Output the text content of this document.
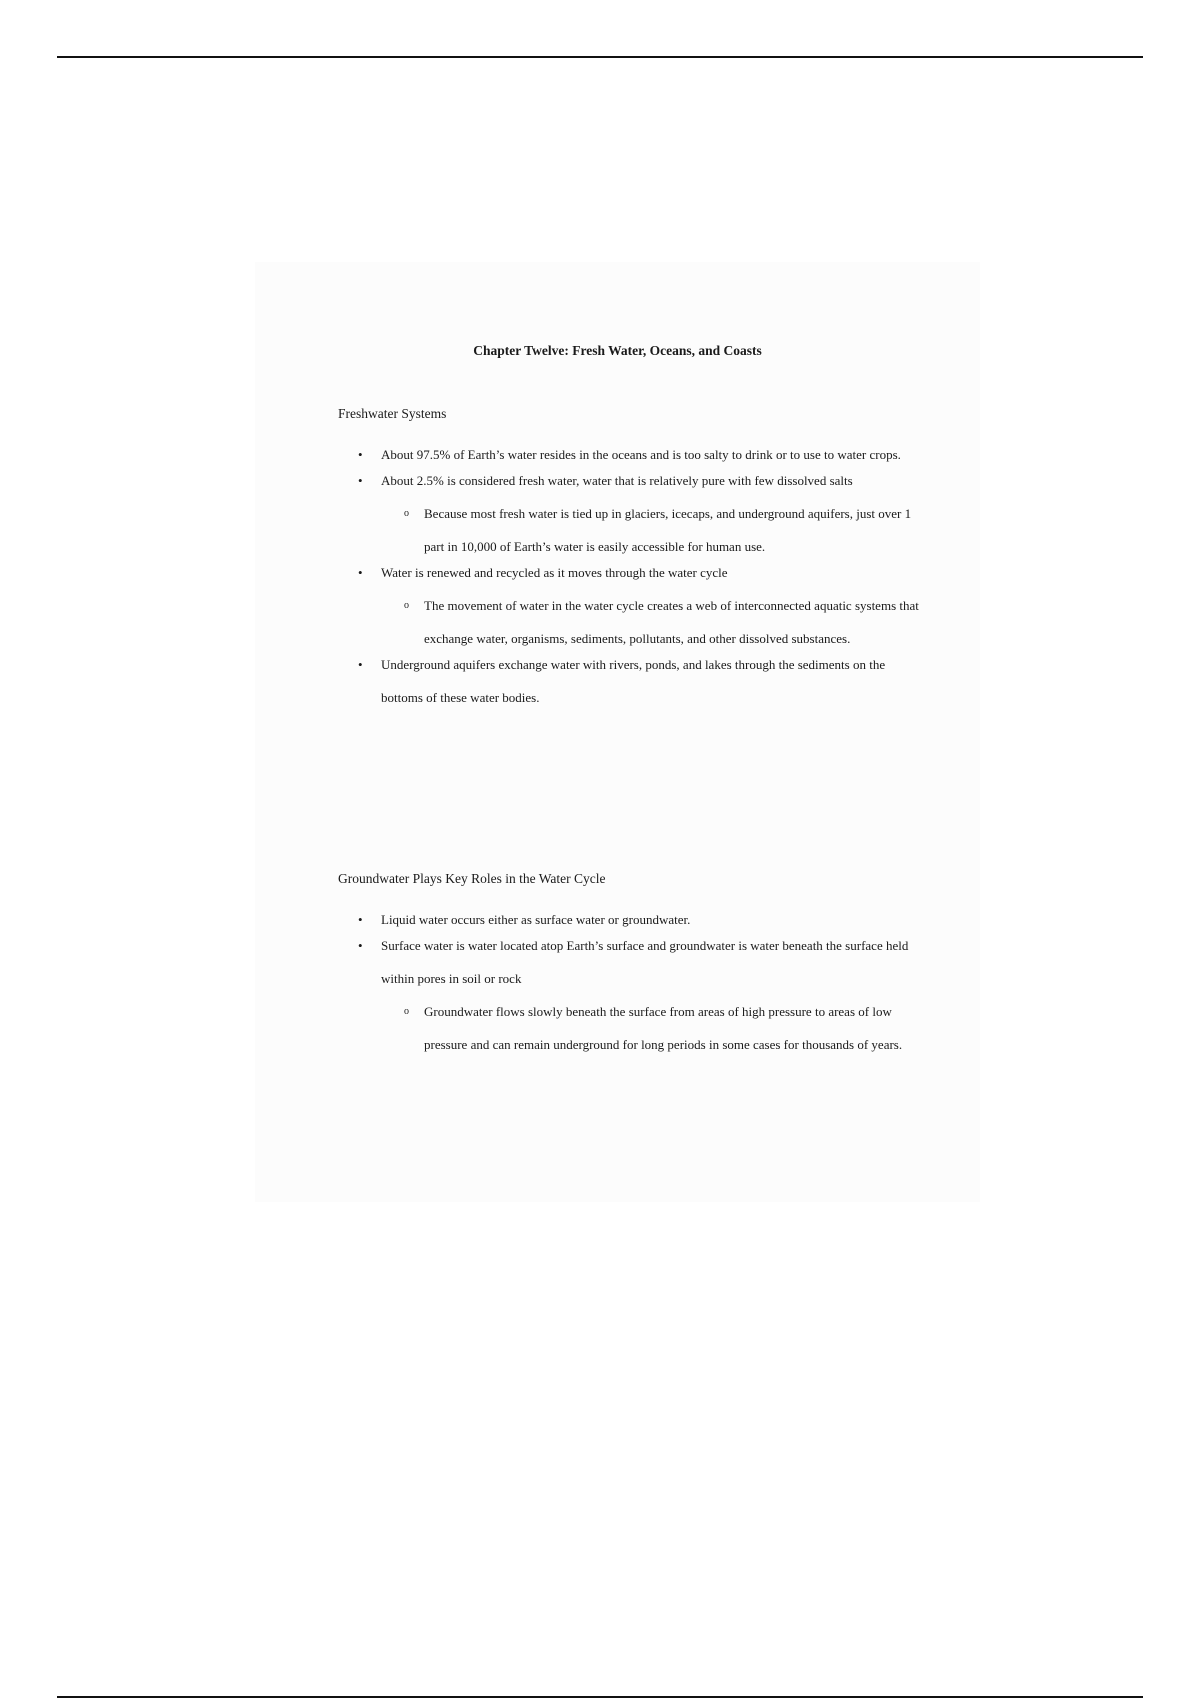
Chapter Twelve: Fresh Water, Oceans, and Coasts
Freshwater Systems
• About 97.5% of Earth’s water resides in the oceans and is too salty to drink or to use to water crops.
• About 2.5% is considered fresh water, water that is relatively pure with few dissolved salts
o Because most fresh water is tied up in glaciers, icecaps, and underground aquifers, just over 1 part in 10,000 of Earth’s water is easily accessible for human use.
• Water is renewed and recycled as it moves through the water cycle
o The movement of water in the water cycle creates a web of interconnected aquatic systems that exchange water, organisms, sediments, pollutants, and other dissolved substances.
• Underground aquifers exchange water with rivers, ponds, and lakes through the sediments on the bottoms of these water bodies.
Groundwater Plays Key Roles in the Water Cycle
• Liquid water occurs either as surface water or groundwater.
• Surface water is water located atop Earth’s surface and groundwater is water beneath the surface held within pores in soil or rock
o Groundwater flows slowly beneath the surface from areas of high pressure to areas of low pressure and can remain underground for long periods in some cases for thousands of years.
